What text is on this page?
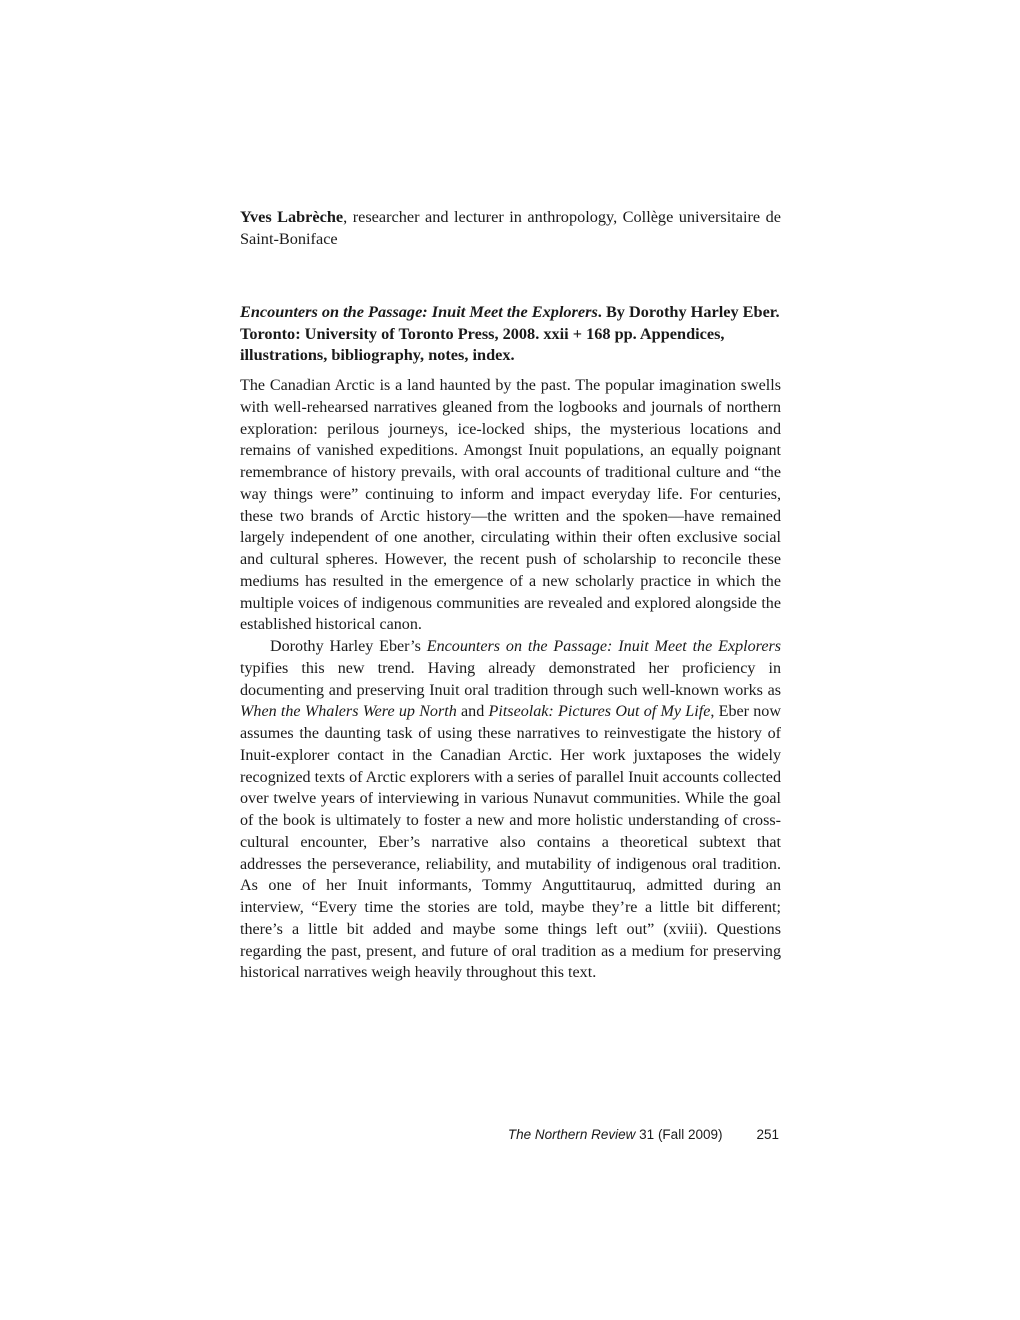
Yves Labrèche, researcher and lecturer in anthropology, Collège universitaire de Saint-Boniface
Encounters on the Passage: Inuit Meet the Explorers. By Dorothy Harley Eber. Toronto: University of Toronto Press, 2008. xxii + 168 pp. Appendices, illustrations, bibliography, notes, index.

The Canadian Arctic is a land haunted by the past. The popular imagination swells with well-rehearsed narratives gleaned from the logbooks and journals of northern exploration: perilous journeys, ice-locked ships, the mysterious locations and remains of vanished expeditions. Amongst Inuit populations, an equally poignant remembrance of history prevails, with oral accounts of traditional culture and “the way things were” continuing to inform and impact everyday life. For centuries, these two brands of Arctic history—the written and the spoken—have remained largely independent of one another, circulating within their often exclusive social and cultural spheres. However, the recent push of scholarship to reconcile these mediums has resulted in the emergence of a new scholarly practice in which the multiple voices of indigenous communities are revealed and explored alongside the established historical canon.

Dorothy Harley Eber’s Encounters on the Passage: Inuit Meet the Explorers typifies this new trend. Having already demonstrated her proficiency in documenting and preserving Inuit oral tradition through such well-known works as When the Whalers Were up North and Pitseolak: Pictures Out of My Life, Eber now assumes the daunting task of using these narratives to reinvestigate the history of Inuit-explorer contact in the Canadian Arctic. Her work juxtaposes the widely recognized texts of Arctic explorers with a series of parallel Inuit accounts collected over twelve years of interviewing in various Nunavut communities. While the goal of the book is ultimately to foster a new and more holistic understanding of cross-cultural encounter, Eber’s narrative also contains a theoretical subtext that addresses the perseverance, reliability, and mutability of indigenous oral tradition. As one of her Inuit informants, Tommy Anguttitauruq, admitted during an interview, “Every time the stories are told, maybe they’re a little bit different; there’s a little bit added and maybe some things left out” (xviii). Questions regarding the past, present, and future of oral tradition as a medium for preserving historical narratives weigh heavily throughout this text.

The Northern Review 31 (Fall 2009)	251
